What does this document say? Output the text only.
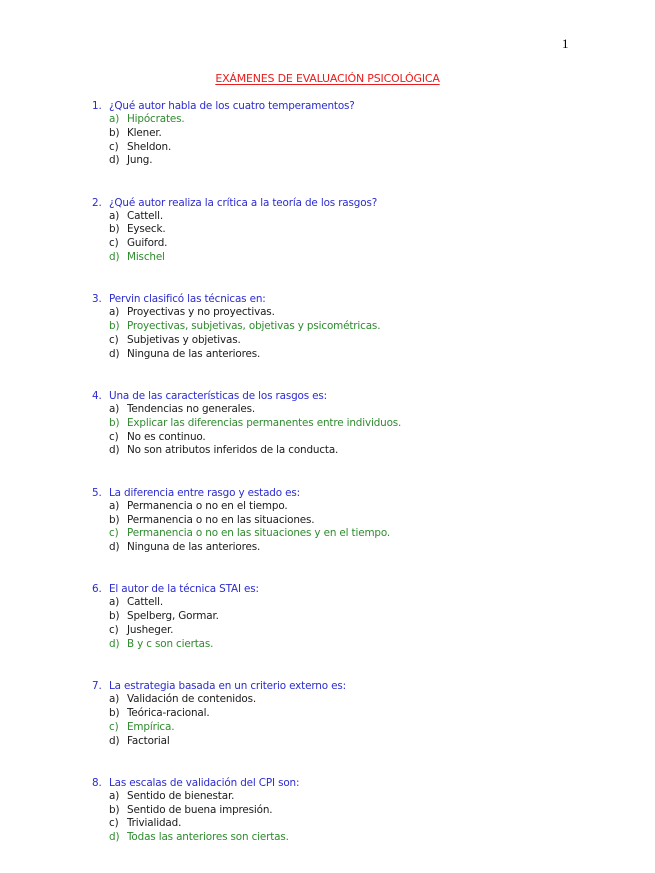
1
EXÁMENES DE EVALUACIÓN PSICOLÓGICA
1. ¿Qué autor habla de los cuatro temperamentos?
a) Hipócrates.
b) Klener.
c) Sheldon.
d) Jung.
2. ¿Qué autor realiza la crítica a la teoría de los rasgos?
a) Cattell.
b) Eyseck.
c) Guiford.
d) Mischel
3. Pervin clasificó las técnicas en:
a) Proyectivas y no proyectivas.
b) Proyectivas, subjetivas, objetivas y psicométricas.
c) Subjetivas y objetivas.
d) Ninguna de las anteriores.
4. Una de las características de los rasgos es:
a) Tendencias no generales.
b) Explicar las diferencias permanentes entre individuos.
c) No es continuo.
d) No son atributos inferidos de la conducta.
5. La diferencia entre rasgo y estado es:
a) Permanencia o no en el tiempo.
b) Permanencia o no en las situaciones.
c) Permanencia o no en las situaciones y en el tiempo.
d) Ninguna de las anteriores.
6. El autor de la técnica STAI es:
a) Cattell.
b) Spelberg, Gormar.
c) Jusheger.
d) B y c son ciertas.
7. La estrategia basada en un criterio externo es:
a) Validación de contenidos.
b) Teórica-racional.
c) Empírica.
d) Factorial
8. Las escalas de validación del CPI son:
a) Sentido de bienestar.
b) Sentido de buena impresión.
c) Trivialidad.
d) Todas las anteriores son ciertas.
